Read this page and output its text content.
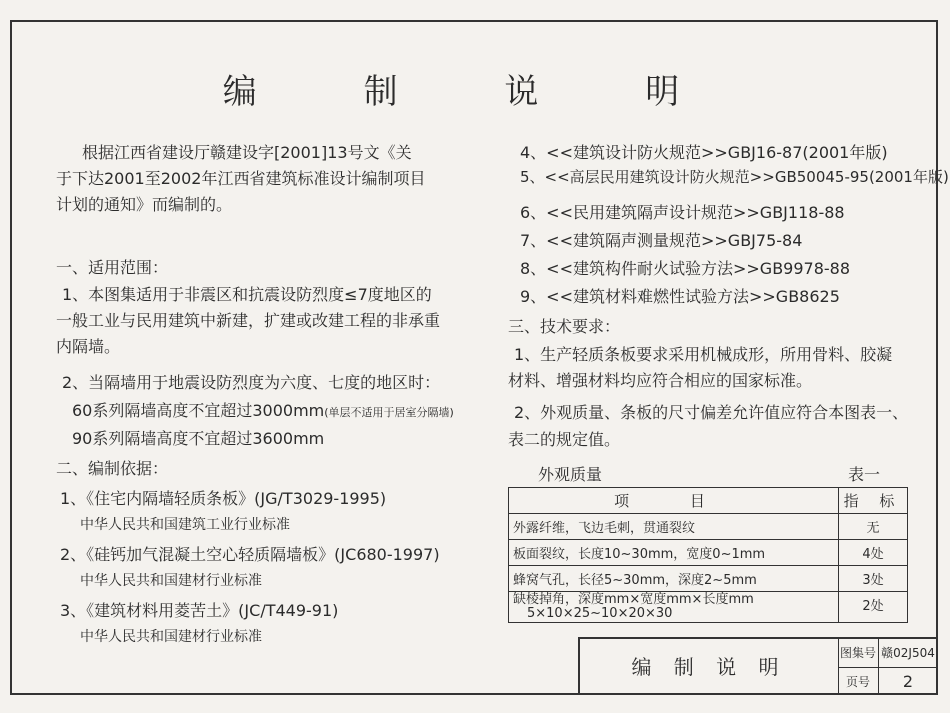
编 制 说 明
根据江西省建设厅赣建设字[2001]13号文《关
于下达2001至2002年江西省建筑标准设计编制项目
计划的通知》而编制的。
一、适用范围：
1、本图集适用于非震区和抗震设防烈度≤7度地区的
一般工业与民用建筑中新建，扩建或改建工程的非承重
内隔墙。
2、当隔墙用于地震设防烈度为六度、七度的地区时：
60系列隔墙高度不宜超过3000mm(单层不适用于居室分隔墙)
90系列隔墙高度不宜超过3600mm
二、编制依据：
1、《住宅内隔墙轻质条板》(JG/T3029-1995)
中华人民共和国建筑工业行业标准
2、《硅钙加气混凝土空心轻质隔墙板》(JC680-1997)
中华人民共和国建材行业标准
3、《建筑材料用菱苦土》(JC/T449-91)
中华人民共和国建材行业标准
4、<<建筑设计防火规范>>GBJ16-87(2001年版)
5、<<高层民用建筑设计防火规范>>GB50045-95(2001年版)
6、<<民用建筑隔声设计规范>>GBJ118-88
7、<<建筑隔声测量规范>>GBJ75-84
8、<<建筑构件耐火试验方法>>GB9978-88
9、<<建筑材料难燃性试验方法>>GB8625
三、技术要求：
1、生产轻质条板要求采用机械成形，所用骨料、胶凝
材料、增强材料均应符合相应的国家标准。
2、外观质量、条板的尺寸偏差允许值应符合本图表一、
表二的规定值。
外观质量	表一
项 目	指 标
外露纤维，飞边毛刺，贯通裂纹	无
板面裂纹，长度10~30mm，宽度0~1mm	4处
蜂窝气孔，长径5~30mm，深度2~5mm	3处

缺棱掉角，深度mm×宽度mm×长度mm
5×10×25~10×20×30	2处
编 制 说 明
图集号 赣02J504
页号	2
